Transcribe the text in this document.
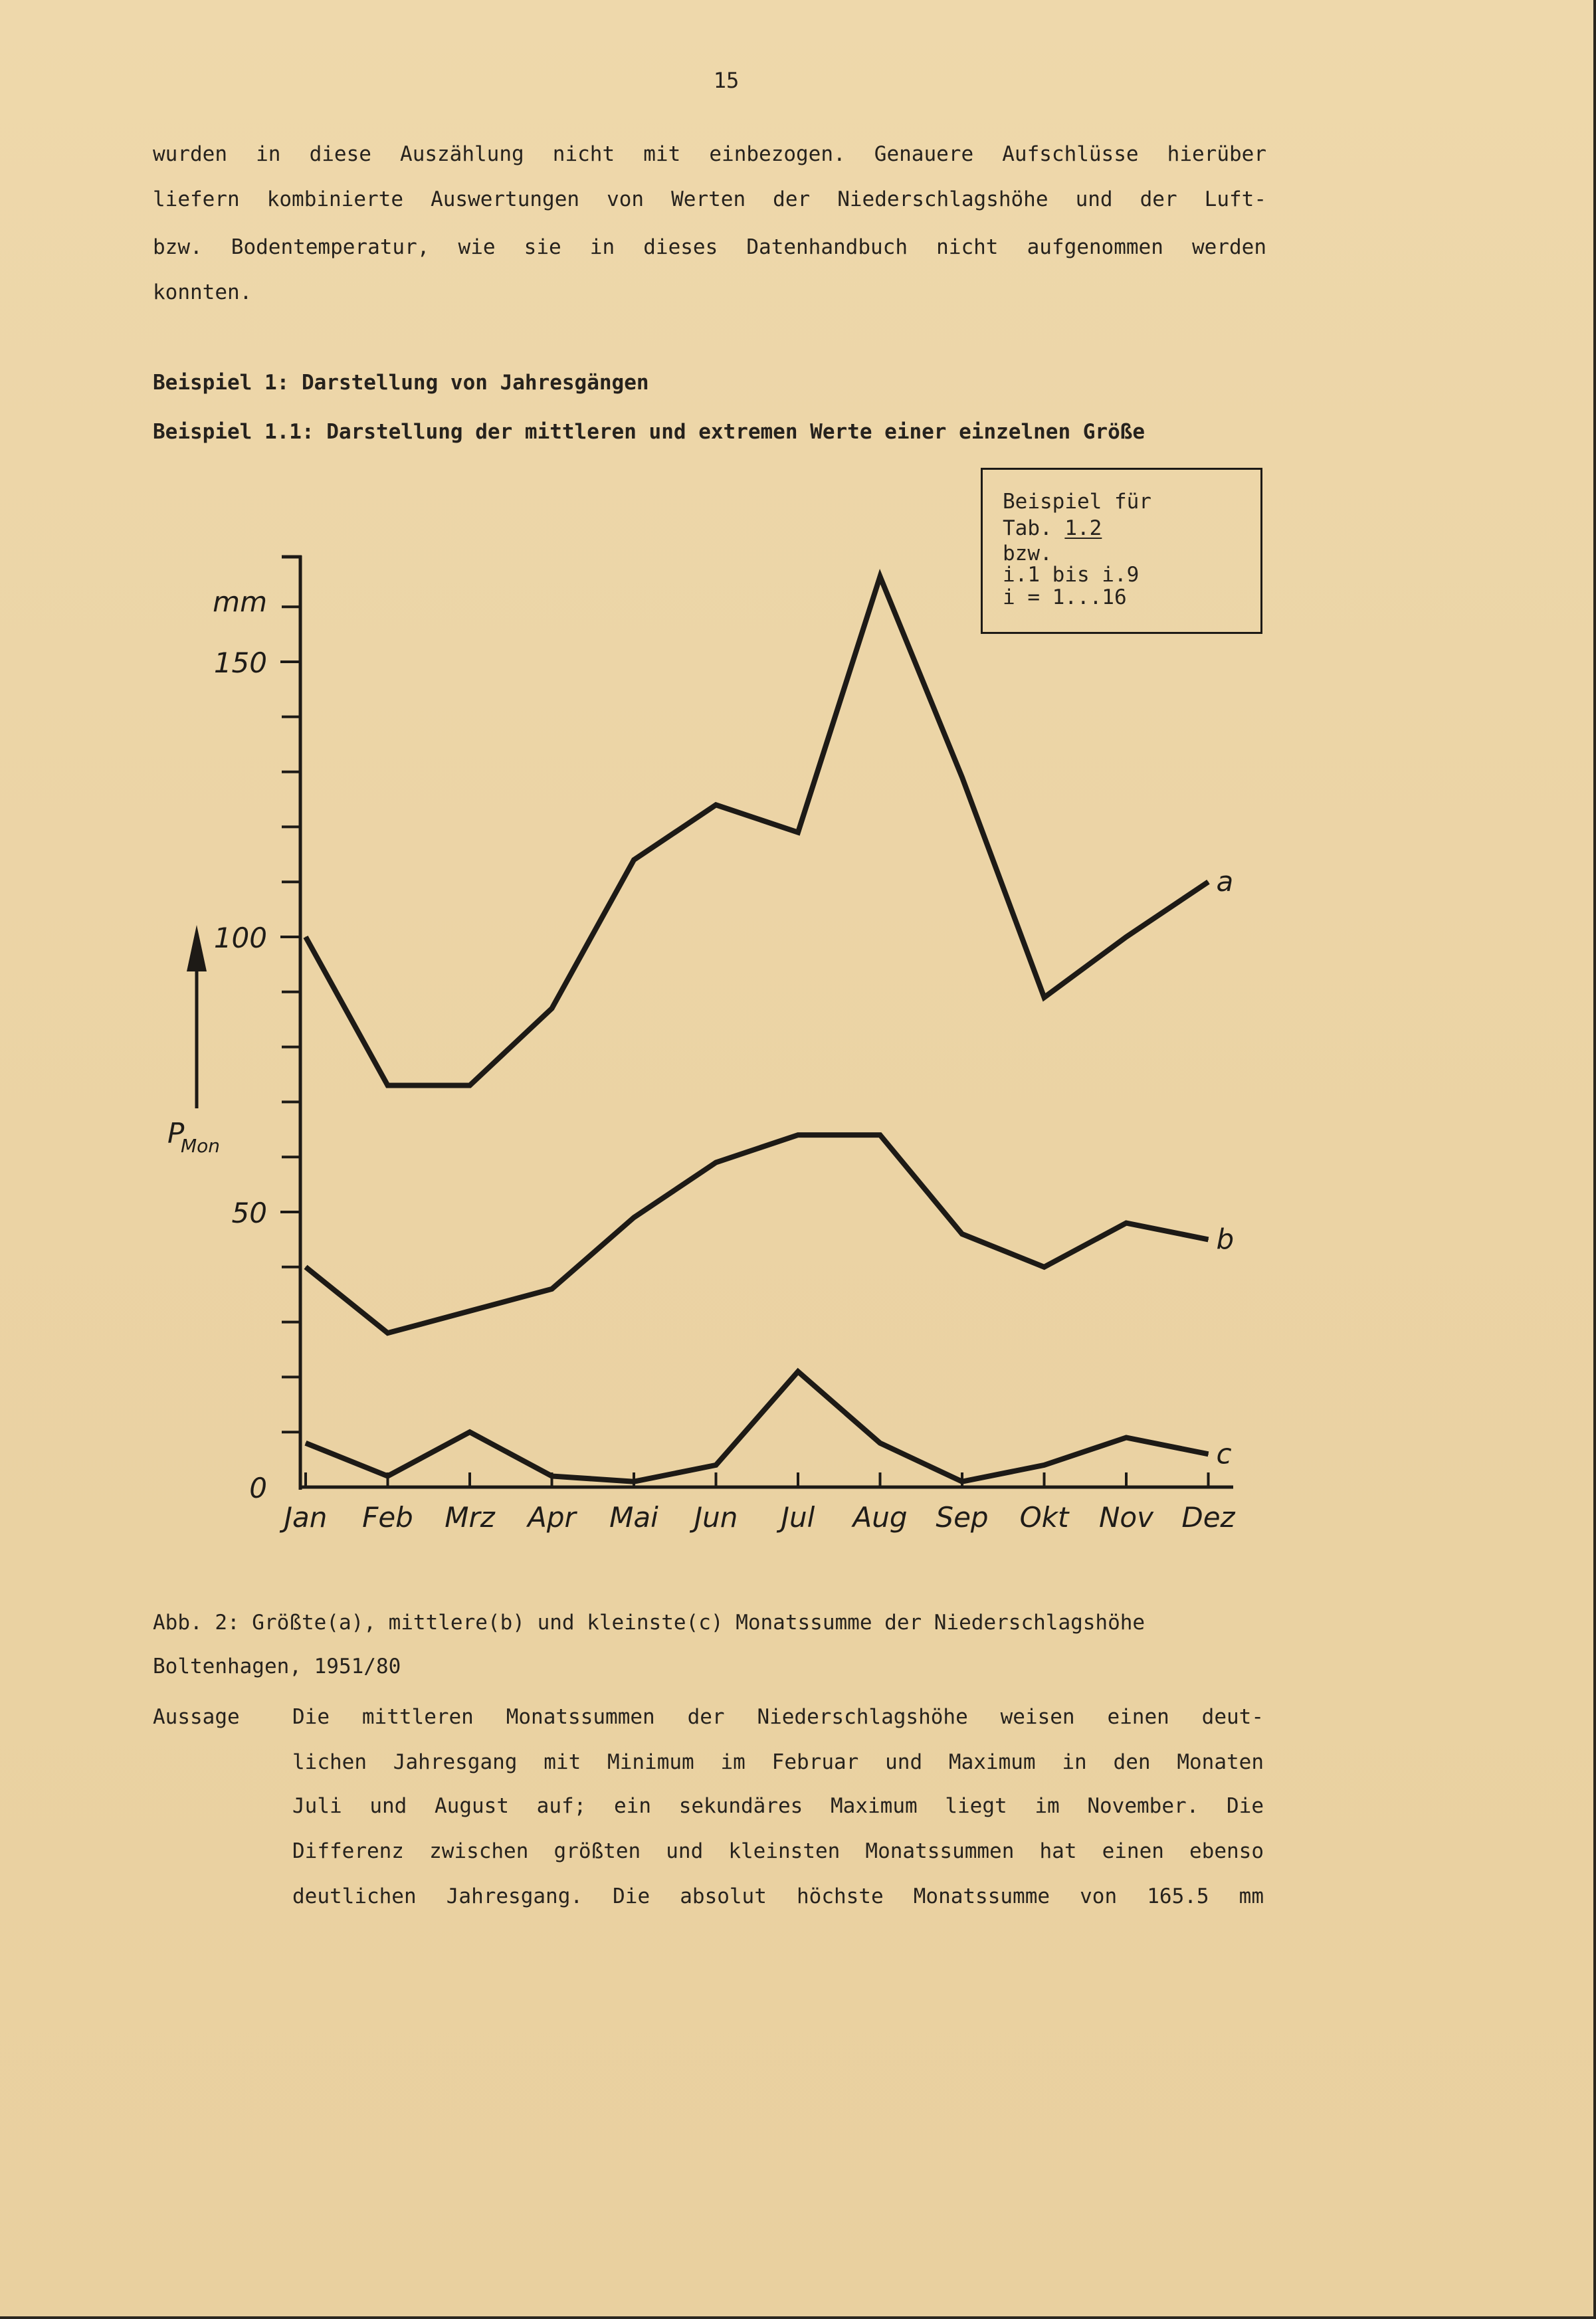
15
wurden in diese Auszählung nicht mit einbezogen. Genauere Aufschlüsse hierüber
liefern kombinierte Auswertungen von Werten der Niederschlagshöhe und der Luft-
bzw. Bodentemperatur, wie sie in dieses Datenhandbuch nicht aufgenommen werden
konnten.
Beispiel 1: Darstellung von Jahresgängen
Beispiel 1.1: Darstellung der mittleren und extremen Werte einer einzelnen Größe
Beispiel für
Tab. 1.2
bzw.
i.1 bis i.9
i = 1...16
0
50
100
150
mm
Jan Feb Mrz Apr Mai Jun Jul Aug Sep Okt Nov Dez
P
Mon
a
b
c
Abb. 2: Größte(a), mittlere(b) und kleinste(c) Monatssumme der Niederschlagshöhe
Boltenhagen, 1951/80
Aussage	Die mittleren Monatssummen der Niederschlagshöhe weisen einen deut-
lichen Jahresgang mit Minimum im Februar und Maximum in den Monaten
Juli und August auf; ein sekundäres Maximum liegt im November. Die
Differenz zwischen größten und kleinsten Monatssummen hat einen ebenso
deutlichen Jahresgang. Die absolut höchste Monatssumme von 165.5 mm
